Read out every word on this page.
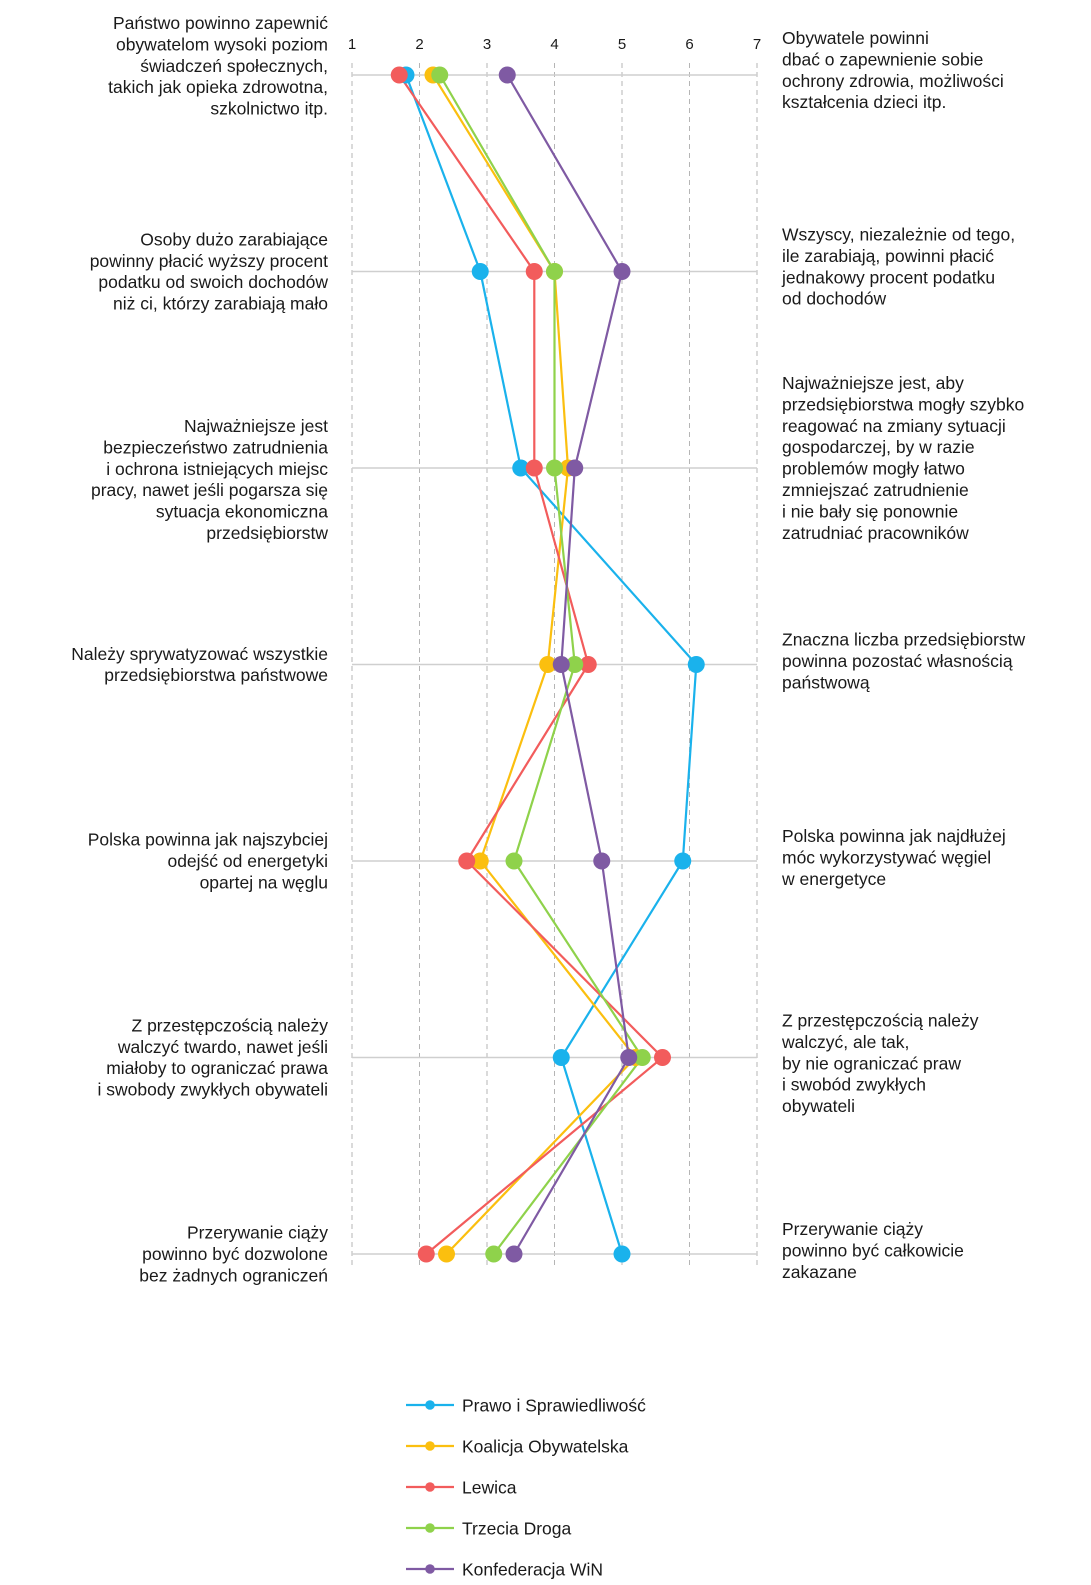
1	2	3	4	5	6	7
Państwo powinno zapewnić obywatelom wysoki poziom świadczeń społecznych, takich jak opieka zdrowotna, szkolnictwo itp.
Obywatele powinni dbać o zapewnienie sobie ochrony zdrowia, możliwości kształcenia dzieci itp.
Osoby dużo zarabiające powinny płacić wyższy procent podatku od swoich dochodów niż ci, którzy zarabiają mało
Wszyscy, niezależnie od tego, ile zarabiają, powinni płacić jednakowy procent podatku od dochodów
Najważniejsze jest bezpieczeństwo zatrudnienia i ochrona istniejących miejsc pracy, nawet jeśli pogarsza się sytuacja ekonomiczna przedsiębiorstw
Najważniejsze jest, aby przedsiębiorstwa mogły szybko reagować na zmiany sytuacji gospodarczej, by w razie problemów mogły łatwo zmniejszać zatrudnienie i nie bały się ponownie zatrudniać pracowników
Należy sprywatyzować wszystkie przedsiębiorstwa państwowe
Znaczna liczba przedsiębiorstw powinna pozostać własnością państwową
Polska powinna jak najszybciej odejść od energetyki opartej na węglu
Polska powinna jak najdłużej móc wykorzystywać węgiel w energetyce
Z przestępczością należy walczyć twardo, nawet jeśli miałoby to ograniczać prawa i swobody zwykłych obywateli
Z przestępczością należy walczyć, ale tak, by nie ograniczać praw i swobód zwykłych obywateli
Przerywanie ciąży powinno być dozwolone bez żadnych ograniczeń
Przerywanie ciąży powinno być całkowicie zakazane
Prawo i Sprawiedliwość
Koalicja Obywatelska
Lewica
Trzecia Droga
Konfederacja WiN
